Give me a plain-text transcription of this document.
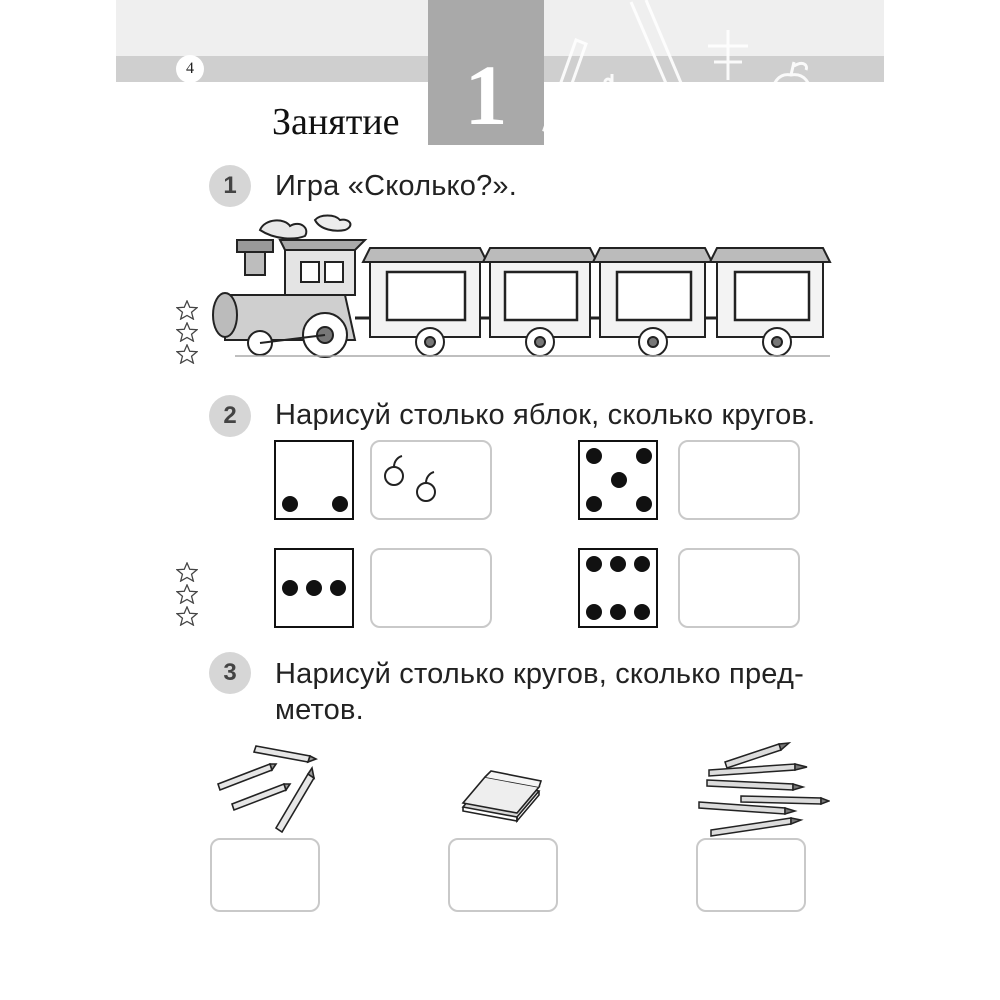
4	1
Занятие
1	Игра «Сколько?».
2	Нарисуй столько яблок, сколько кругов.
3	Нарисуй столько кругов, сколько пред-
метов.
